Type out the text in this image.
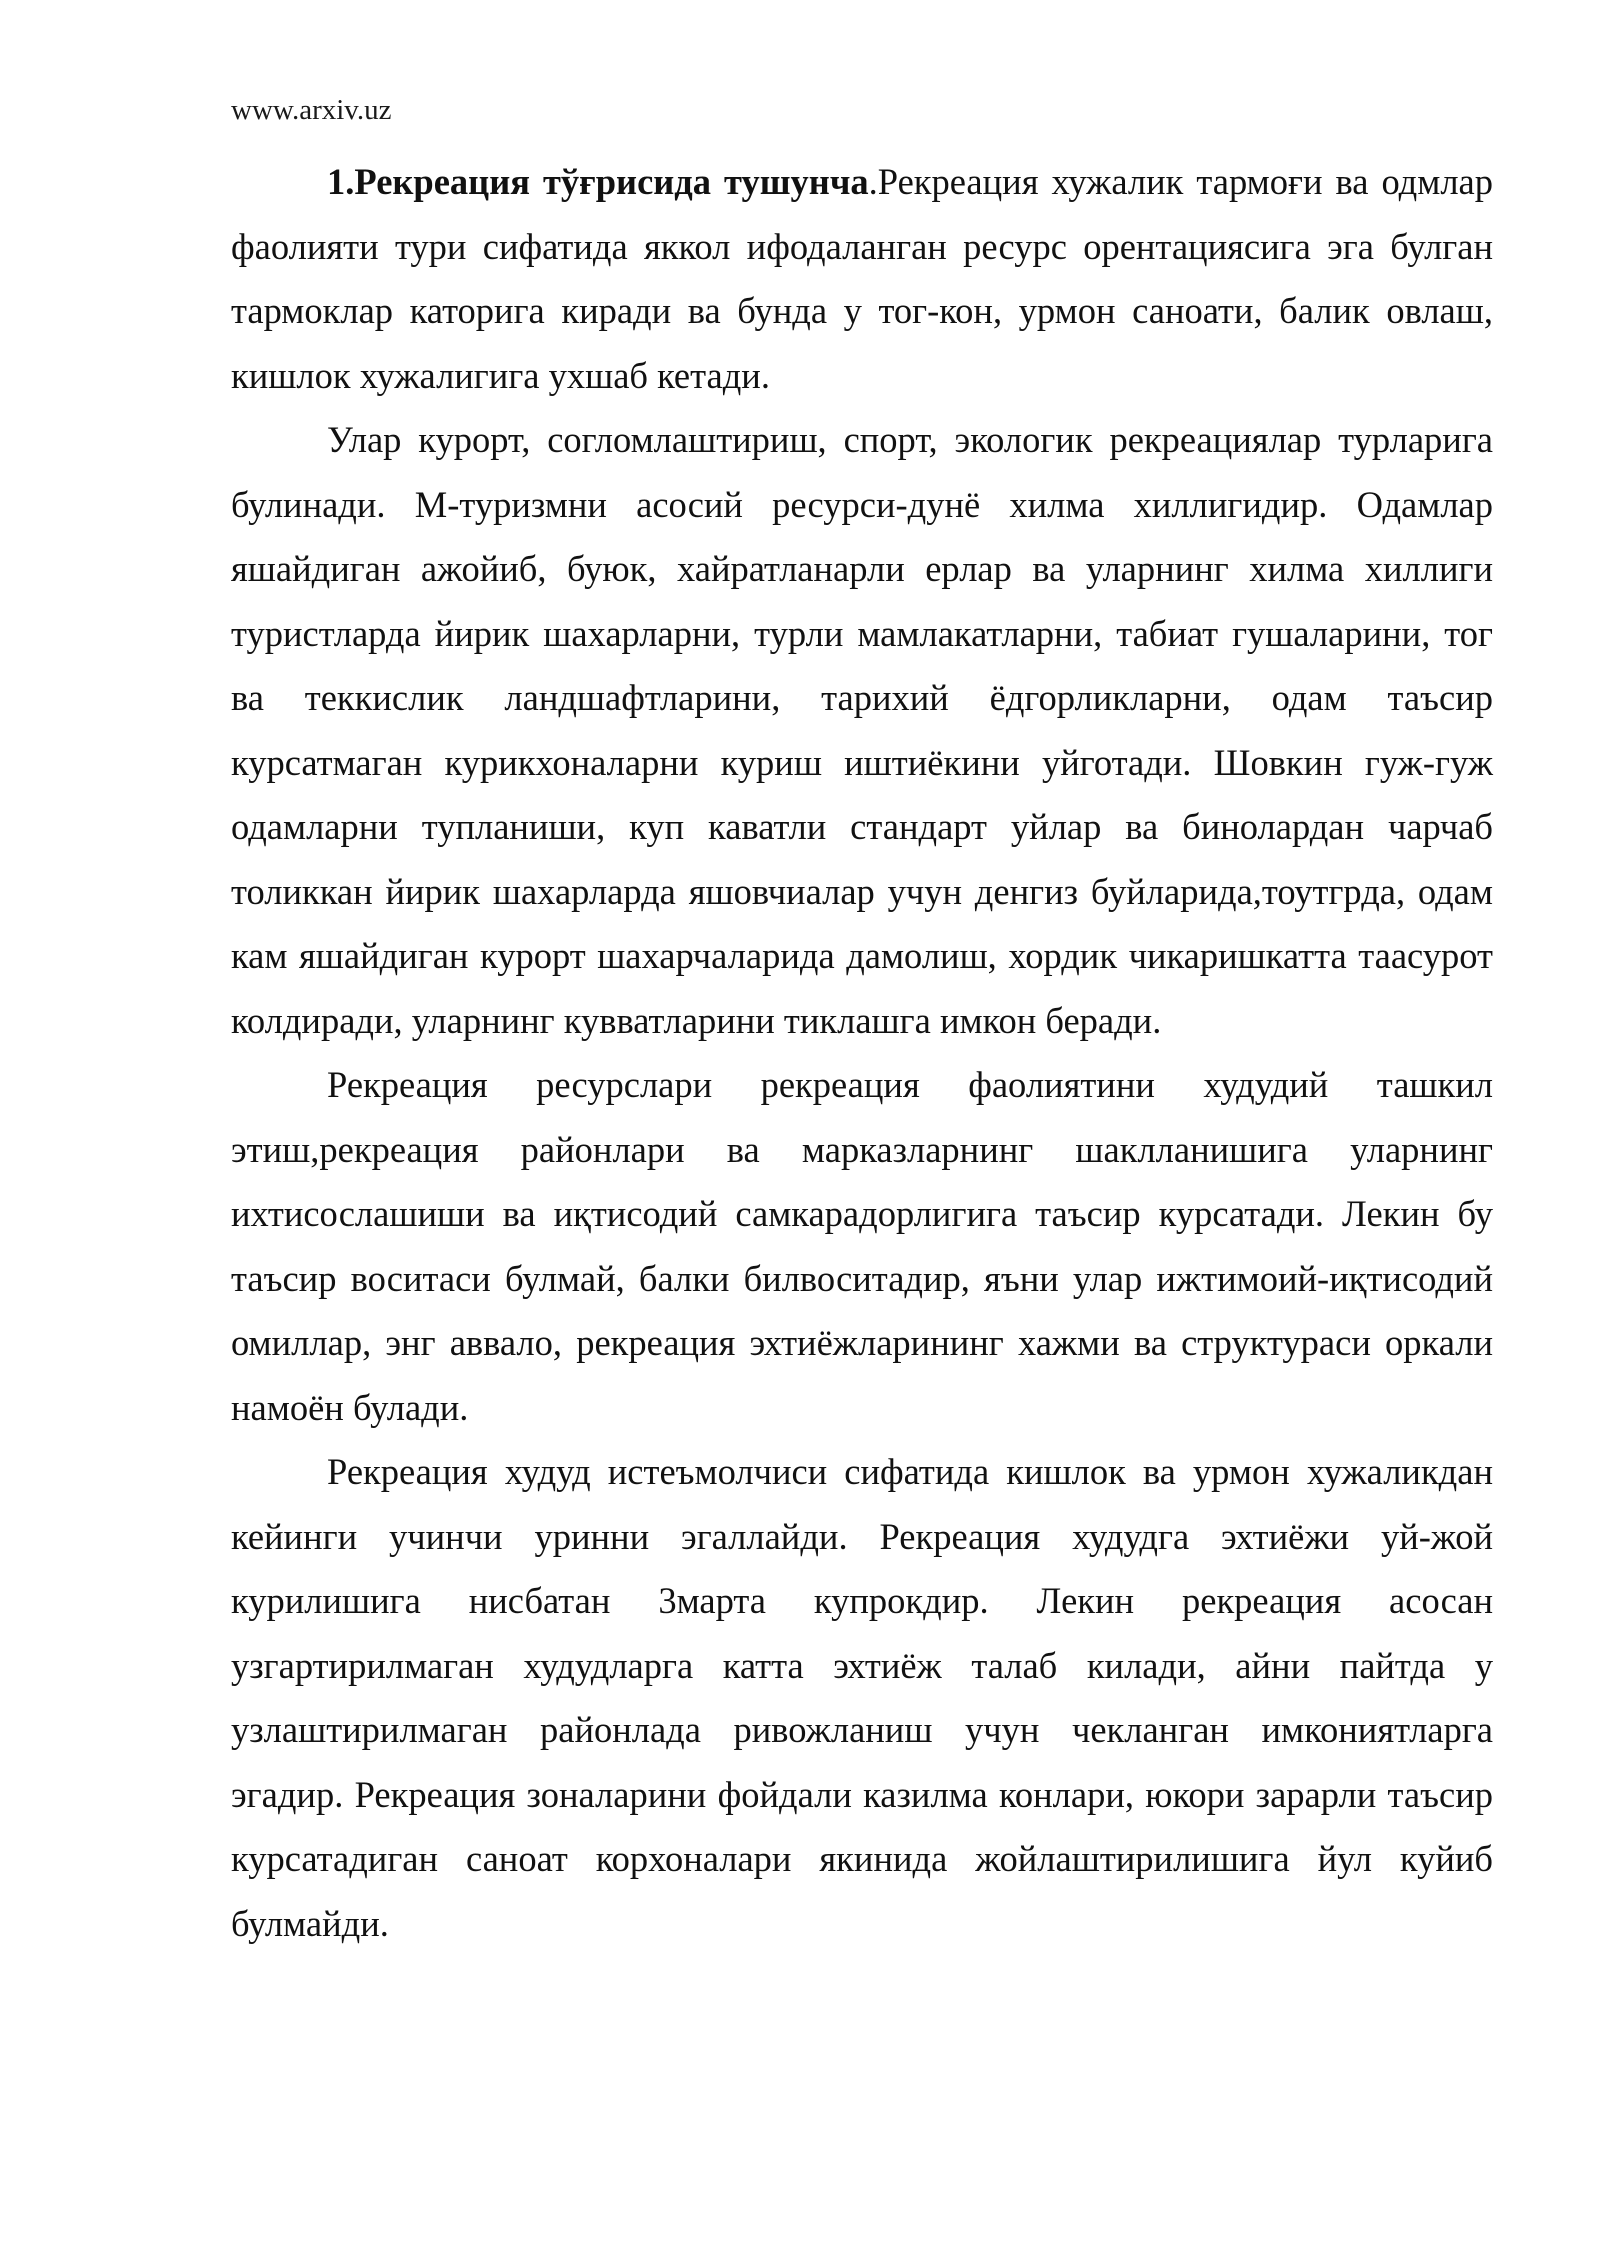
www.arxiv.uz

1.Рекреация тўғрисида тушунча.Рекреация хужалик тармоғи ва одмлар фаолияти тури сифатида яккол ифодаланган ресурс орентациясига эга булган тармоклар каторига киради ва бунда у тог-кон, урмон саноати, балик овлаш, кишлок хужалигига ухшаб кетади.

Улар курорт, согломлаштириш, спорт, экологик рекреациялар турларига булинади. М-туризмни асосий ресурси-дунё хилма хиллигидир. Одамлар яшайдиган ажойиб, буюк, хайратланарли ерлар ва уларнинг хилма хиллиги туристларда йирик шахарларни, турли мамлакатларни, табиат гушаларини, тог ва теккислик ландшафтларини, тарихий ёдгорликларни, одам таъсир курсатмаган курикхоналарни куриш иштиёкини уйготади. Шовкин гуж-гуж одамларни тупланиши, куп каватли стандарт уйлар ва бинолардан чарчаб толиккан йирик шахарларда яшовчиалар учун денгиз буйларида,тоутгрда, одам кам яшайдиган курорт шахарчаларида дамолиш, хордик чикаришкатта таасурот колдиради, уларнинг кувватларини тиклашга имкон беради.

Рекреация ресурслари рекреация фаолиятини худудий ташкил этиш,рекреация районлари ва марказларнинг шаклланишига уларнинг ихтисослашиши ва иқтисодий самкарадорлигига таъсир курсатади. Лекин бу таъсир воситаси булмай, балки билвоситадир, яъни улар ижтимоий-иқтисодий омиллар, энг аввало, рекреация эхтиёжларининг хажми ва структураси оркали намоён булади.

Рекреация худуд истеъмолчиси сифатида кишлок ва урмон хужаликдан кейинги учинчи уринни эгаллайди. Рекреация худудга эхтиёжи уй-жой курилишига нисбатан 3марта купрокдир. Лекин рекреация асосан узгартирилмаган худудларга катта эхтиёж талаб килади, айни пайтда у узлаштирилмаган районлада ривожланиш учун чекланган имкониятларга эгадир. Рекреация зоналарини фойдали казилма конлари, юкори зарарли таъсир курсатадиган саноат корхоналари якинида жойлаштирилишига йул куйиб булмайди.
